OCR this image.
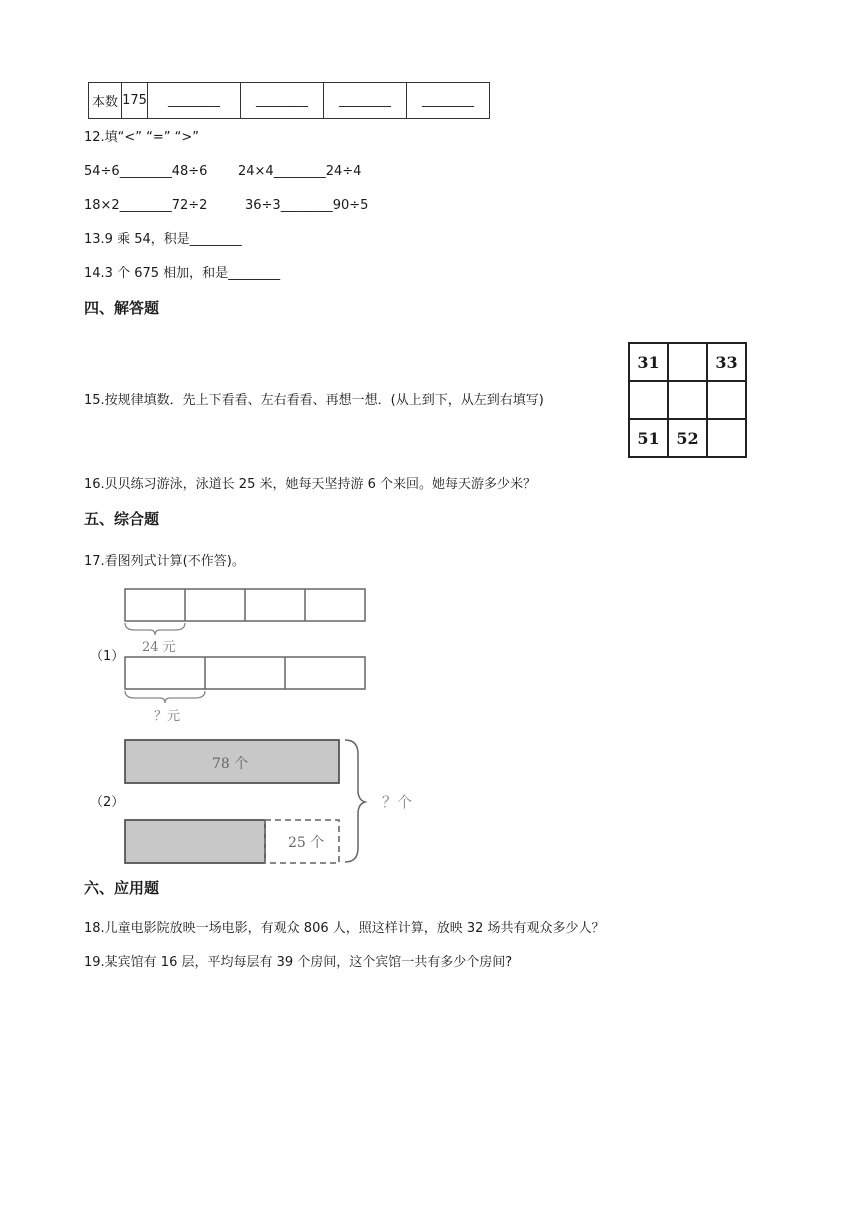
本数	175	________	________	________	________
12.填“<” “=” “>”
54÷6________48÷6 24×4________24÷4
18×2________72÷2	36÷3________90÷5
13.9 乘 54，积是________
14.3 个 675 相加，和是________
四、解答题
15.按规律填数．先上下看看、左右看看、再想一想．(从上到下，从左到右填写)
31		33

51	52	
16.贝贝练习游泳，泳道长 25 米，她每天坚持游 6 个来回。她每天游多少米？
五、综合题
17.看图列式计算(不作答)。
（1）
24 元
？元
（2）
78 个
25 个
？个
六、应用题
18.儿童电影院放映一场电影，有观众 806 人，照这样计算，放映 32 场共有观众多少人？
19.某宾馆有 16 层，平均每层有 39 个房间，这个宾馆一共有多少个房间?
